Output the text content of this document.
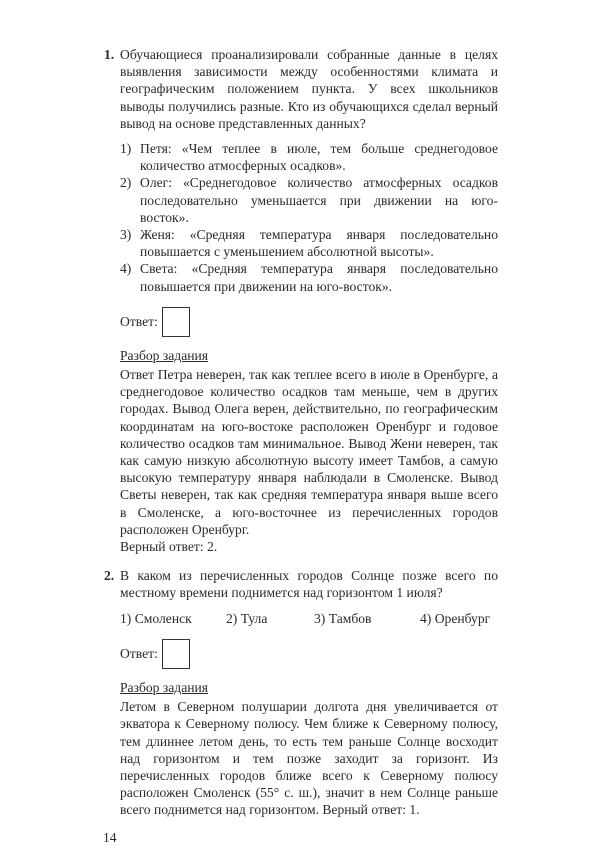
1. Обучающиеся проанализировали собранные данные в целях выявления зависимости между особенностями климата и географическим положением пункта. У всех школьников выводы получились разные. Кто из обучающихся сделал верный вывод на основе представленных данных?
1) Петя: «Чем теплее в июле, тем больше среднегодовое количество атмосферных осадков».
2) Олег: «Среднегодовое количество атмосферных осадков последовательно уменьшается при движении на юго-восток».
3) Женя: «Средняя температура января последовательно повышается с уменьшением абсолютной высоты».
4) Света: «Средняя температура января последовательно повышается при движении на юго-восток».
Ответ:
Разбор задания
Ответ Петра неверен, так как теплее всего в июле в Оренбурге, а среднегодовое количество осадков там меньше, чем в других городах. Вывод Олега верен, действительно, по географическим координатам на юго-востоке расположен Оренбург и годовое количество осадков там минимальное. Вывод Жени неверен, так как самую низкую абсолютную высоту имеет Тамбов, а самую высокую температуру января наблюдали в Смоленске. Вывод Светы неверен, так как средняя температура января выше всего в Смоленске, а юго-восточнее из перечисленных городов расположен Оренбург.
Верный ответ: 2.
2. В каком из перечисленных городов Солнце позже всего по местному времени поднимется над горизонтом 1 июля?
1) Смоленск	2) Тула	3) Тамбов	4) Оренбург
Ответ:
Разбор задания
Летом в Северном полушарии долгота дня увеличивается от экватора к Северному полюсу. Чем ближе к Северному полюсу, тем длиннее летом день, то есть тем раньше Солнце восходит над горизонтом и тем позже заходит за горизонт. Из перечисленных городов ближе всего к Северному полюсу расположен Смоленск (55° с. ш.), значит в нем Солнце раньше всего поднимется над горизонтом. Верный ответ: 1.
14
